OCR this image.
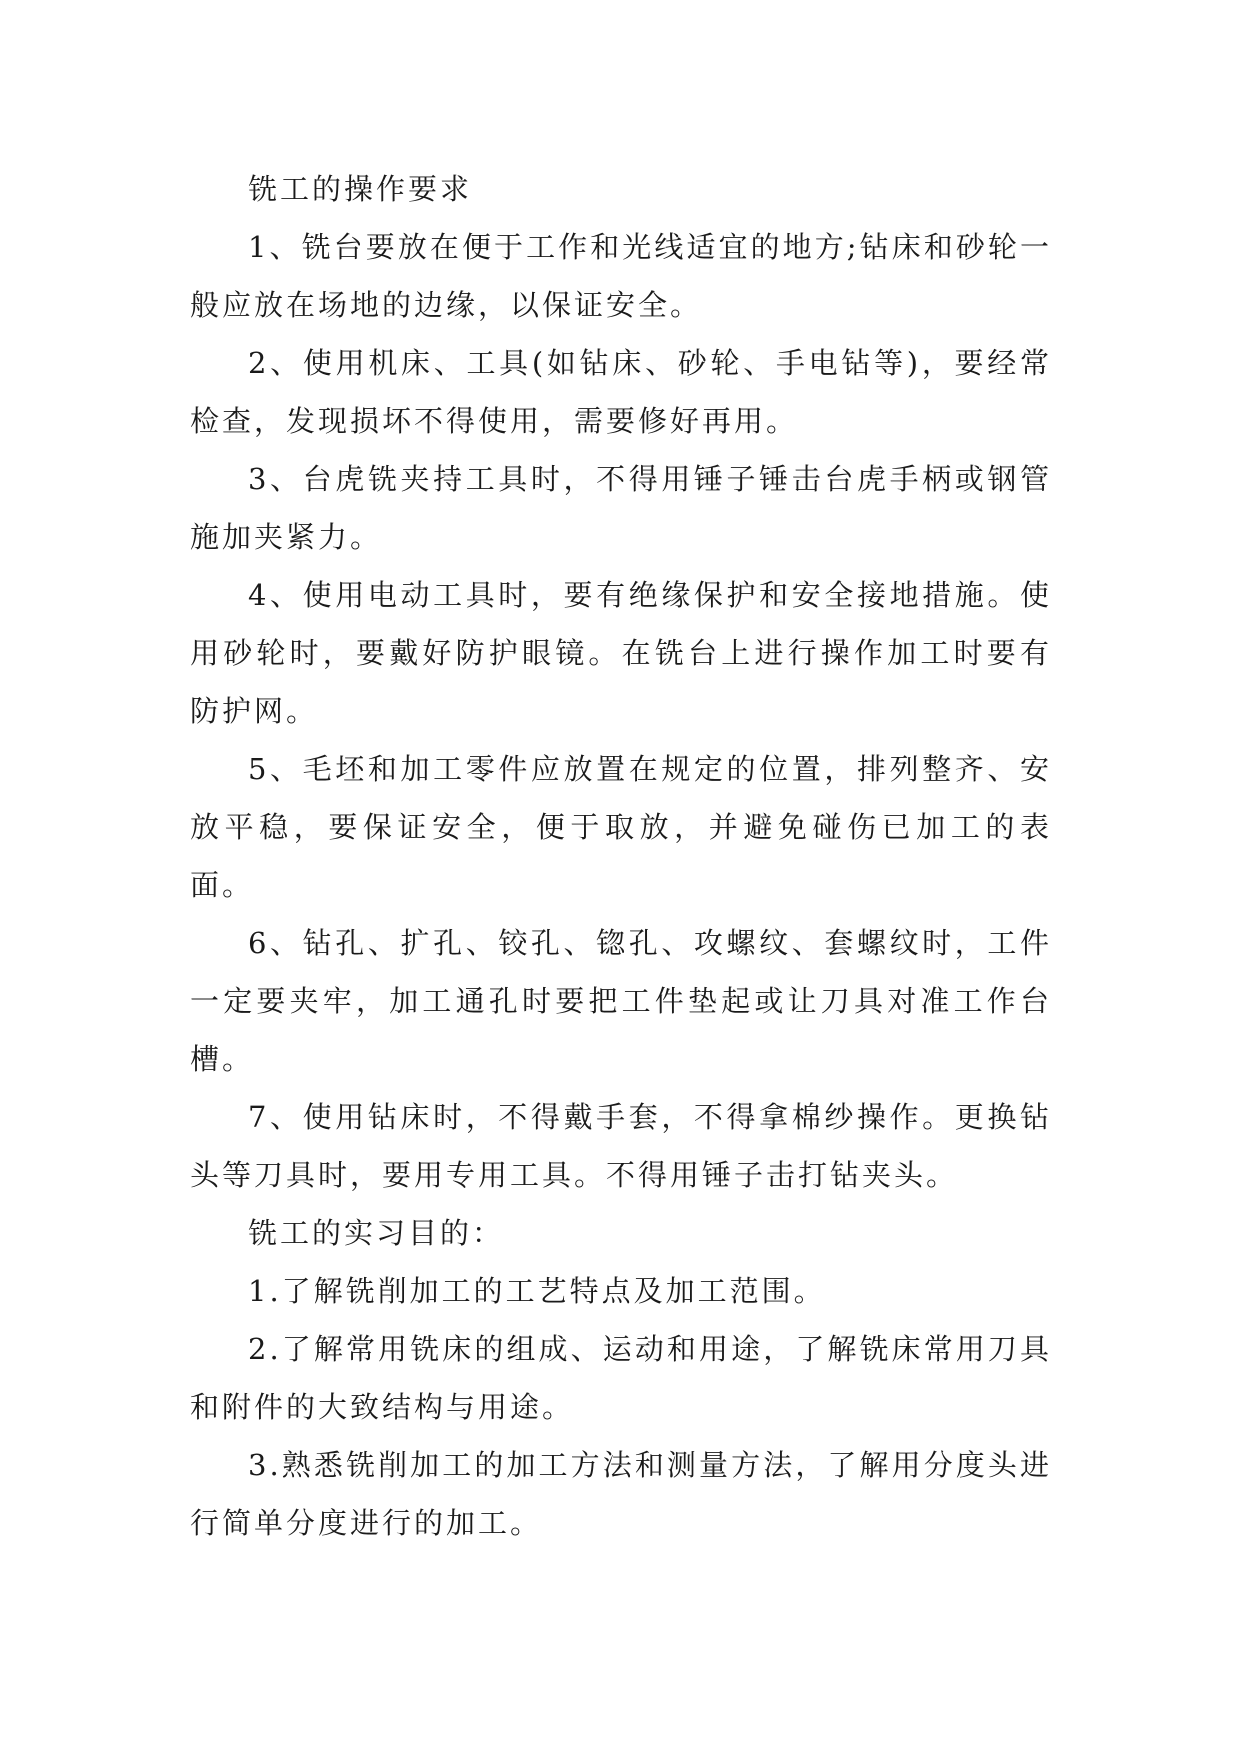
铣工的操作要求

1、铣台要放在便于工作和光线适宜的地方;钻床和砂轮一般应放在场地的边缘，以保证安全。

2、使用机床、工具(如钻床、砂轮、手电钻等)，要经常检查，发现损坏不得使用，需要修好再用。

3、台虎铣夹持工具时，不得用锤子锤击台虎手柄或钢管施加夹紧力。

4、使用电动工具时，要有绝缘保护和安全接地措施。使用砂轮时，要戴好防护眼镜。在铣台上进行操作加工时要有防护网。

5、毛坯和加工零件应放置在规定的位置，排列整齐、安放平稳，要保证安全，便于取放，并避免碰伤已加工的表面。

6、钻孔、扩孔、铰孔、锪孔、攻螺纹、套螺纹时，工件一定要夹牢，加工通孔时要把工件垫起或让刀具对准工作台槽。

7、使用钻床时，不得戴手套，不得拿棉纱操作。更换钻头等刀具时，要用专用工具。不得用锤子击打钻夹头。

铣工的实习目的：

1.了解铣削加工的工艺特点及加工范围。

2.了解常用铣床的组成、运动和用途，了解铣床常用刀具和附件的大致结构与用途。

3.熟悉铣削加工的加工方法和测量方法，了解用分度头进行简单分度进行的加工。
